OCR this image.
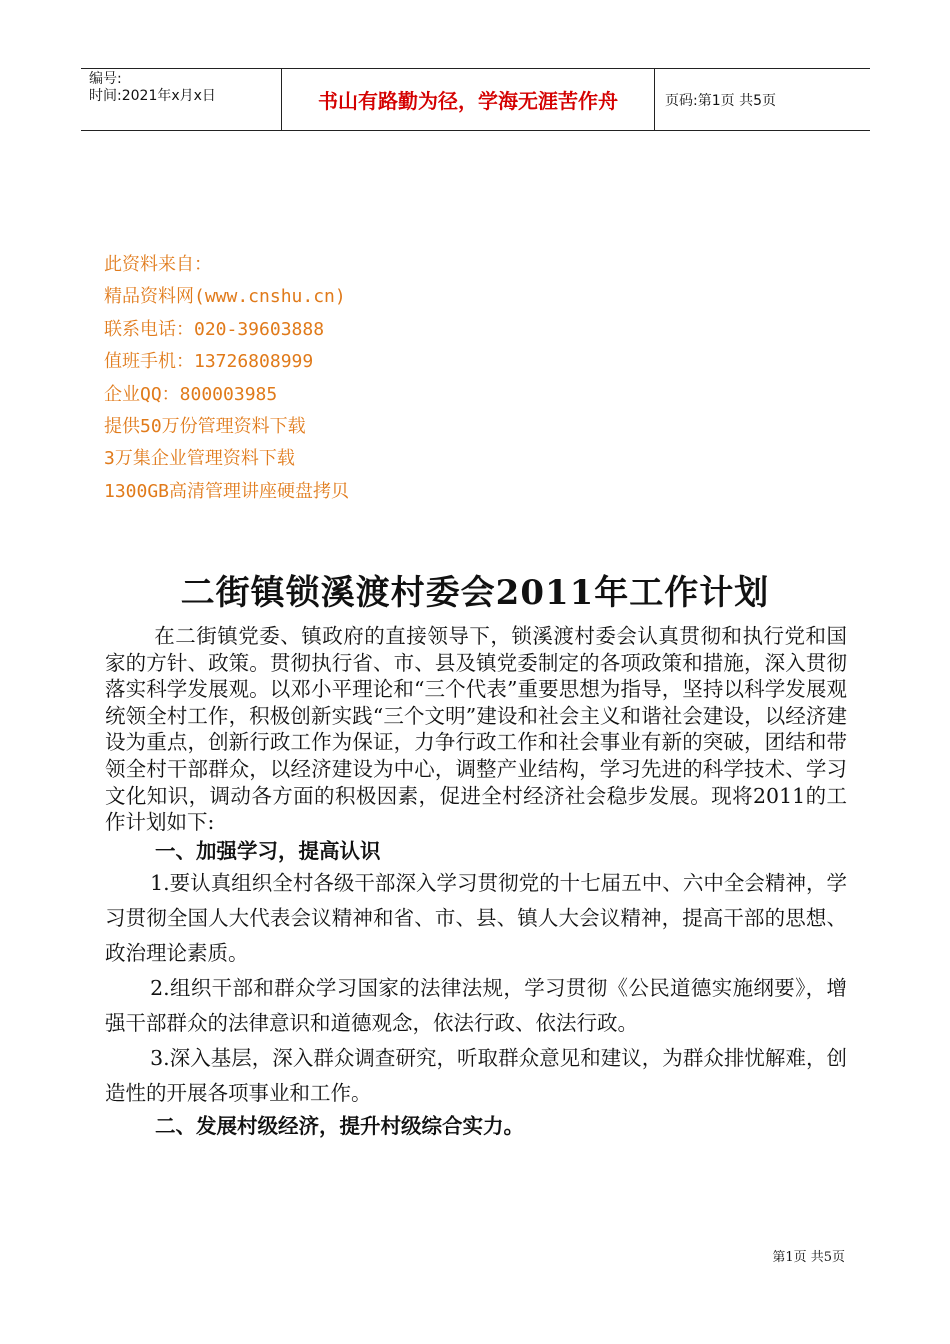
编号:
时间:2021年x月x日	书山有路勤为径，学海无涯苦作舟	页码:第1页 共5页
此资料来自：
精品资料网(www.cnshu.cn)
联系电话：020-39603888
值班手机：13726808999
企业QQ：800003985
提供50万份管理资料下载
3万集企业管理资料下载
1300GB高清管理讲座硬盘拷贝
二街镇锁溪渡村委会2011年工作计划

在二街镇党委、镇政府的直接领导下，锁溪渡村委会认真贯彻和执行党和国家的方针、政策。贯彻执行省、市、县及镇党委制定的各项政策和措施，深入贯彻落实科学发展观。以邓小平理论和“三个代表”重要思想为指导，坚持以科学发展观统领全村工作，积极创新实践“三个文明”建设和社会主义和谐社会建设，以经济建设为重点，创新行政工作为保证，力争行政工作和社会事业有新的突破，团结和带领全村干部群众，以经济建设为中心，调整产业结构，学习先进的科学技术、学习文化知识，调动各方面的积极因素，促进全村经济社会稳步发展。现将2011的工作计划如下:

一、加强学习，提高认识

1.要认真组织全村各级干部深入学习贯彻党的十七届五中、六中全会精神，学习贯彻全国人大代表会议精神和省、市、县、镇人大会议精神，提高干部的思想、政治理论素质。

2.组织干部和群众学习国家的法律法规，学习贯彻《公民道德实施纲要》，增强干部群众的法律意识和道德观念，依法行政、依法行政。

3.深入基层，深入群众调查研究，听取群众意见和建议，为群众排忧解难，创造性的开展各项事业和工作。

二、发展村级经济，提升村级综合实力。

第1页 共5页
